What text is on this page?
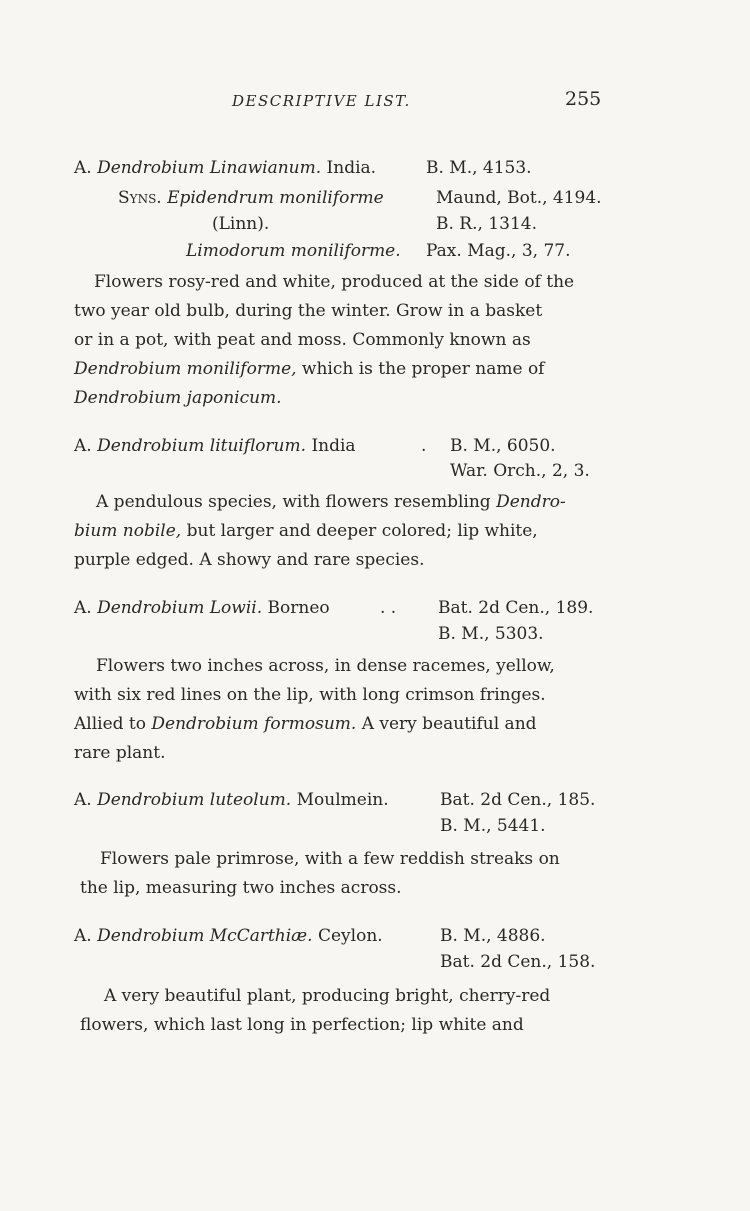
DESCRIPTIVE LIST.	255
A. Dendrobium Linawianum. India.	B. M., 4153.
Syns. Epidendrum moniliforme	Maund, Bot., 4194.
(Linn).	B. R., 1314.
Limodorum moniliforme. Pax. Mag., 3, 77.
Flowers rosy-red and white, produced at the side of the
two year old bulb, during the winter. Grow in a basket
or in a pot, with peat and moss. Commonly known as
Dendrobium moniliforme, which is the proper name of
Dendrobium japonicum.
A. Dendrobium lituiflorum. India	. B. M., 6050.
War. Orch., 2, 3.
A pendulous species, with flowers resembling Dendro-
bium nobile, but larger and deeper colored; lip white,
purple edged. A showy and rare species.
A. Dendrobium Lowii. Borneo	. . Bat. 2d Cen., 189.
B. M., 5303.
Flowers two inches across, in dense racemes, yellow,
with six red lines on the lip, with long crimson fringes.
Allied to Dendrobium formosum. A very beautiful and
rare plant.
A. Dendrobium luteolum. Moulmein.	Bat. 2d Cen., 185.
B. M., 5441.
Flowers pale primrose, with a few reddish streaks on
the lip, measuring two inches across.
A. Dendrobium McCarthiæ. Ceylon.	B. M., 4886.
Bat. 2d Cen., 158.
A very beautiful plant, producing bright, cherry-red
flowers, which last long in perfection; lip white and
